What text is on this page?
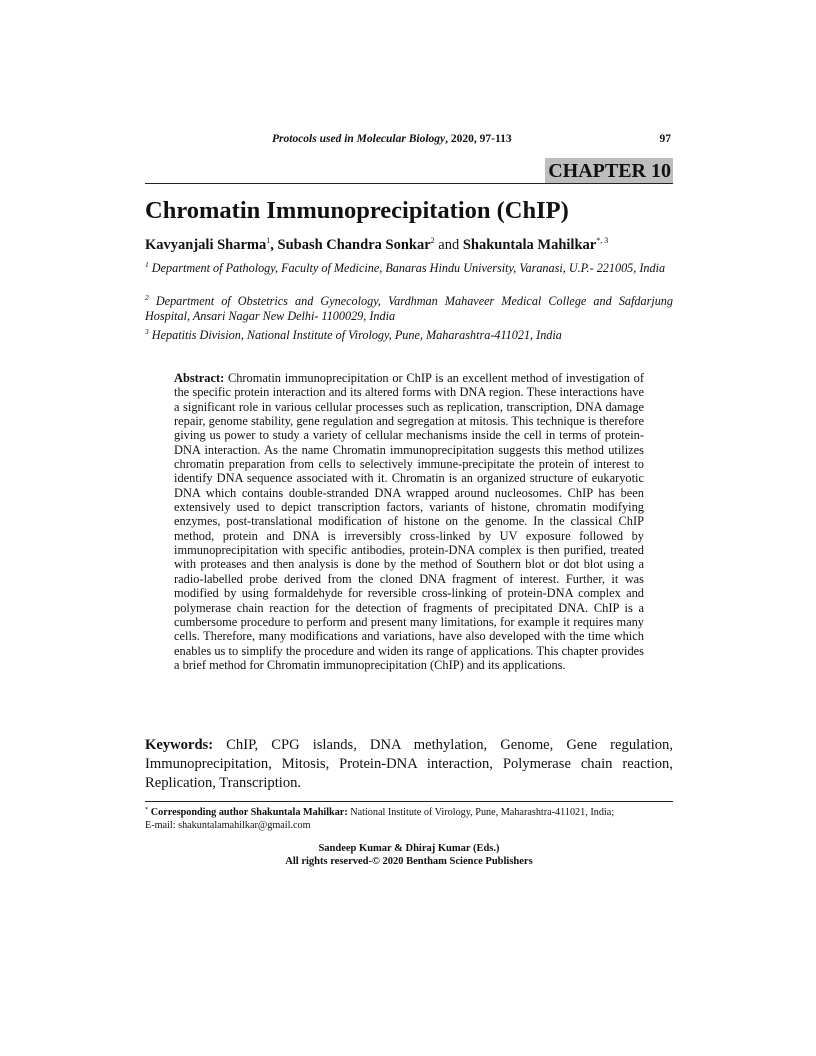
Protocols used in Molecular Biology, 2020, 97-113	97
CHAPTER 10
Chromatin Immunoprecipitation (ChIP)
Kavyanjali Sharma$^1$, Subash Chandra Sonkar$^2$ and Shakuntala Mahilkar$^{*, 3}$
$^1$ Department of Pathology, Faculty of Medicine, Banaras Hindu University, Varanasi, U.P.- 221005, India
$^2$ Department of Obstetrics and Gynecology, Vardhman Mahaveer Medical College and Safdarjung Hospital, Ansari Nagar New Delhi- 1100029, India
$^3$ Hepatitis Division, National Institute of Virology, Pune, Maharashtra-411021, India
Abstract: Chromatin immunoprecipitation or ChIP is an excellent method of investigation of the specific protein interaction and its altered forms with DNA region. These interactions have a significant role in various cellular processes such as replication, transcription, DNA damage repair, genome stability, gene regulation and segregation at mitosis. This technique is therefore giving us power to study a variety of cellular mechanisms inside the cell in terms of protein-DNA interaction. As the name Chromatin immunoprecipitation suggests this method utilizes chromatin preparation from cells to selectively immune-precipitate the protein of interest to identify DNA sequence associated with it. Chromatin is an organized structure of eukaryotic DNA which contains double-stranded DNA wrapped around nucleosomes. ChIP has been extensively used to depict transcription factors, variants of histone, chromatin modifying enzymes, post-translational modification of histone on the genome. In the classical ChIP method, protein and DNA is irreversibly cross-linked by UV exposure followed by immunoprecipitation with specific antibodies, protein-DNA complex is then purified, treated with proteases and then analysis is done by the method of Southern blot or dot blot using a radio-labelled probe derived from the cloned DNA fragment of interest. Further, it was modified by using formaldehyde for reversible cross-linking of protein-DNA complex and polymerase chain reaction for the detection of fragments of precipitated DNA. ChIP is a cumbersome procedure to perform and present many limitations, for example it requires many cells. Therefore, many modifications and variations, have also developed with the time which enables us to simplify the procedure and widen its range of applications. This chapter provides a brief method for Chromatin immunoprecipitation (ChIP) and its applications.
Keywords: ChIP, CPG islands, DNA methylation, Genome, Gene regulation, Immunoprecipitation, Mitosis, Protein-DNA interaction, Polymerase chain reaction, Replication, Transcription.
* Corresponding author Shakuntala Mahilkar: National Institute of Virology, Pune, Maharashtra-411021, India;
E-mail: shakuntalamahilkar@gmail.com
Sandeep Kumar & Dhiraj Kumar (Eds.)
All rights reserved-© 2020 Bentham Science Publishers
